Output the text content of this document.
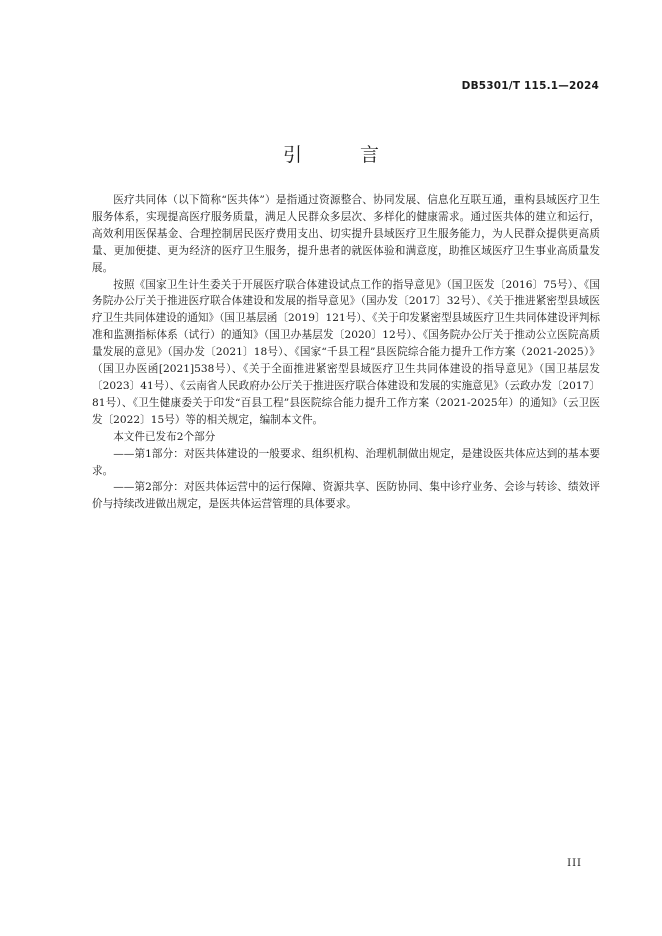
DB5301/T 115.1—2024
引 言

医疗共同体（以下简称“医共体”）是指通过资源整合、协同发展、信息化互联互通，重构县域医疗卫生服务体系，实现提高医疗服务质量，满足人民群众多层次、多样化的健康需求。通过医共体的建立和运行，高效利用医保基金、合理控制居民医疗费用支出、切实提升县域医疗卫生服务能力，为人民群众提供更高质量、更加便捷、更为经济的医疗卫生服务，提升患者的就医体验和满意度，助推区域医疗卫生事业高质量发展。

按照《国家卫生计生委关于开展医疗联合体建设试点工作的指导意见》（国卫医发〔2016〕75号）、《国务院办公厅关于推进医疗联合体建设和发展的指导意见》（国办发〔2017〕32号）、《关于推进紧密型县域医疗卫生共同体建设的通知》（国卫基层函〔2019〕121号）、《关于印发紧密型县域医疗卫生共同体建设评判标准和监测指标体系（试行）的通知》（国卫办基层发〔2020〕12号）、《国务院办公厅关于推动公立医院高质量发展的意见》（国办发〔2021〕18号）、《国家“千县工程”县医院综合能力提升工作方案（2021-2025）》（国卫办医函[2021]538号）、《关于全面推进紧密型县域医疗卫生共同体建设的指导意见》（国卫基层发〔2023〕41号）、《云南省人民政府办公厅关于推进医疗联合体建设和发展的实施意见》（云政办发〔2017〕81号）、《卫生健康委关于印发“百县工程”县医院综合能力提升工作方案（2021-2025年）的通知》（云卫医发〔2022〕15号）等的相关规定，编制本文件。

本文件已发布2个部分

——第1部分：对医共体建设的一般要求、组织机构、治理机制做出规定，是建设医共体应达到的基本要求。

——第2部分：对医共体运营中的运行保障、资源共享、医防协同、集中诊疗业务、会诊与转诊、绩效评价与持续改进做出规定，是医共体运营管理的具体要求。

III
